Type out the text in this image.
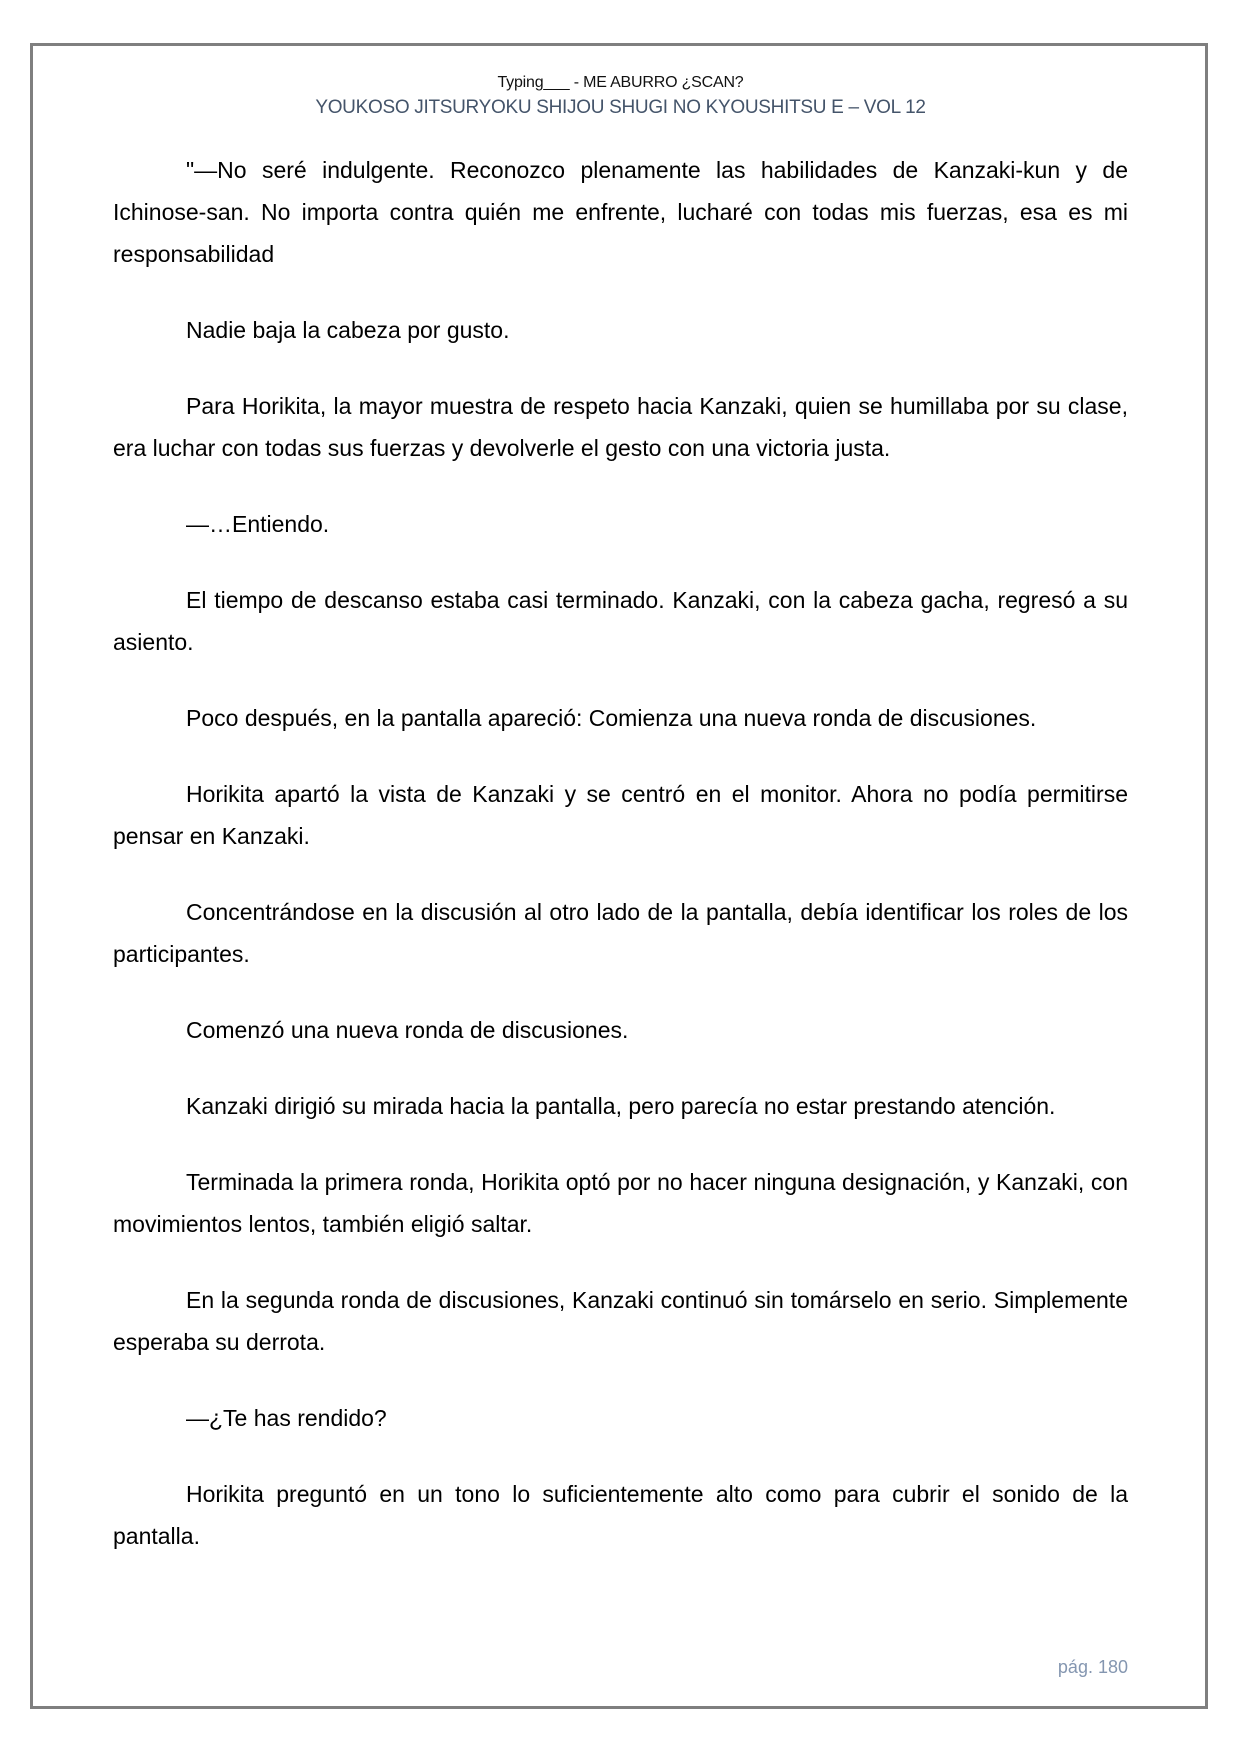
Typing___ - ME ABURRO ¿SCAN?
YOUKOSO JITSURYOKU SHIJOU SHUGI NO KYOUSHITSU E – VOL 12

"—No seré indulgente. Reconozco plenamente las habilidades de Kanzaki-kun y de Ichinose-san. No importa contra quién me enfrente, lucharé con todas mis fuerzas, esa es mi responsabilidad

Nadie baja la cabeza por gusto.

Para Horikita, la mayor muestra de respeto hacia Kanzaki, quien se humillaba por su clase, era luchar con todas sus fuerzas y devolverle el gesto con una victoria justa.

—…Entiendo.

El tiempo de descanso estaba casi terminado. Kanzaki, con la cabeza gacha, regresó a su asiento.

Poco después, en la pantalla apareció: Comienza una nueva ronda de discusiones.

Horikita apartó la vista de Kanzaki y se centró en el monitor. Ahora no podía permitirse pensar en Kanzaki.

Concentrándose en la discusión al otro lado de la pantalla, debía identificar los roles de los participantes.

Comenzó una nueva ronda de discusiones.

Kanzaki dirigió su mirada hacia la pantalla, pero parecía no estar prestando atención.

Terminada la primera ronda, Horikita optó por no hacer ninguna designación, y Kanzaki, con movimientos lentos, también eligió saltar.

En la segunda ronda de discusiones, Kanzaki continuó sin tomárselo en serio. Simplemente esperaba su derrota.

—¿Te has rendido?

Horikita preguntó en un tono lo suficientemente alto como para cubrir el sonido de la pantalla.

pág. 180
